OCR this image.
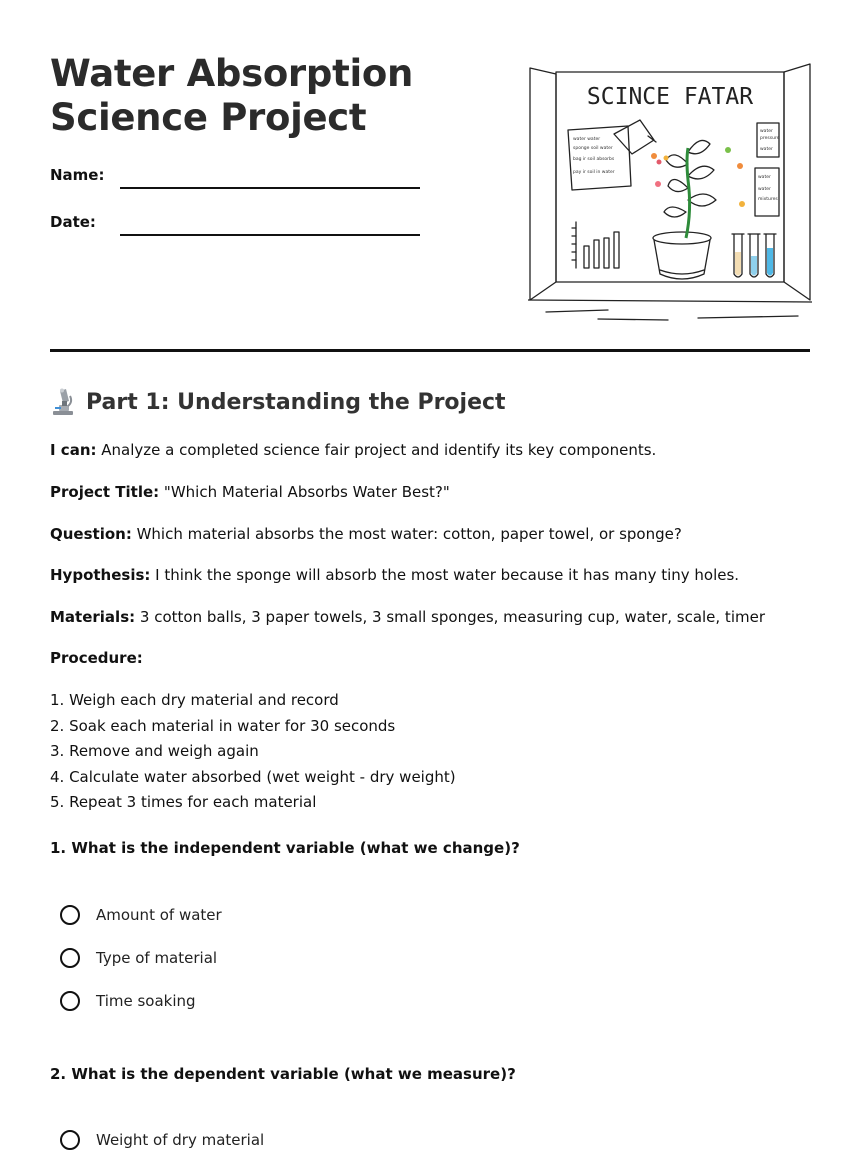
Water Absorption
Science Project
Name:
Date:
SCINCE FATAR
water water
sponge soil water
bag ir soil absorbs
pay ir soil in water
water
pressure
water
water
water
mixtures
Part 1: Understanding the Project
I can: Analyze a completed science fair project and identify its key components.
Project Title: "Which Material Absorbs Water Best?"
Question: Which material absorbs the most water: cotton, paper towel, or sponge?
Hypothesis: I think the sponge will absorb the most water because it has many tiny holes.
Materials: 3 cotton balls, 3 paper towels, 3 small sponges, measuring cup, water, scale, timer
Procedure:
1. Weigh each dry material and record
2. Soak each material in water for 30 seconds
3. Remove and weigh again
4. Calculate water absorbed (wet weight - dry weight)
5. Repeat 3 times for each material
1. What is the independent variable (what we change)?
Amount of water
Type of material
Time soaking
2. What is the dependent variable (what we measure)?
Weight of dry material
